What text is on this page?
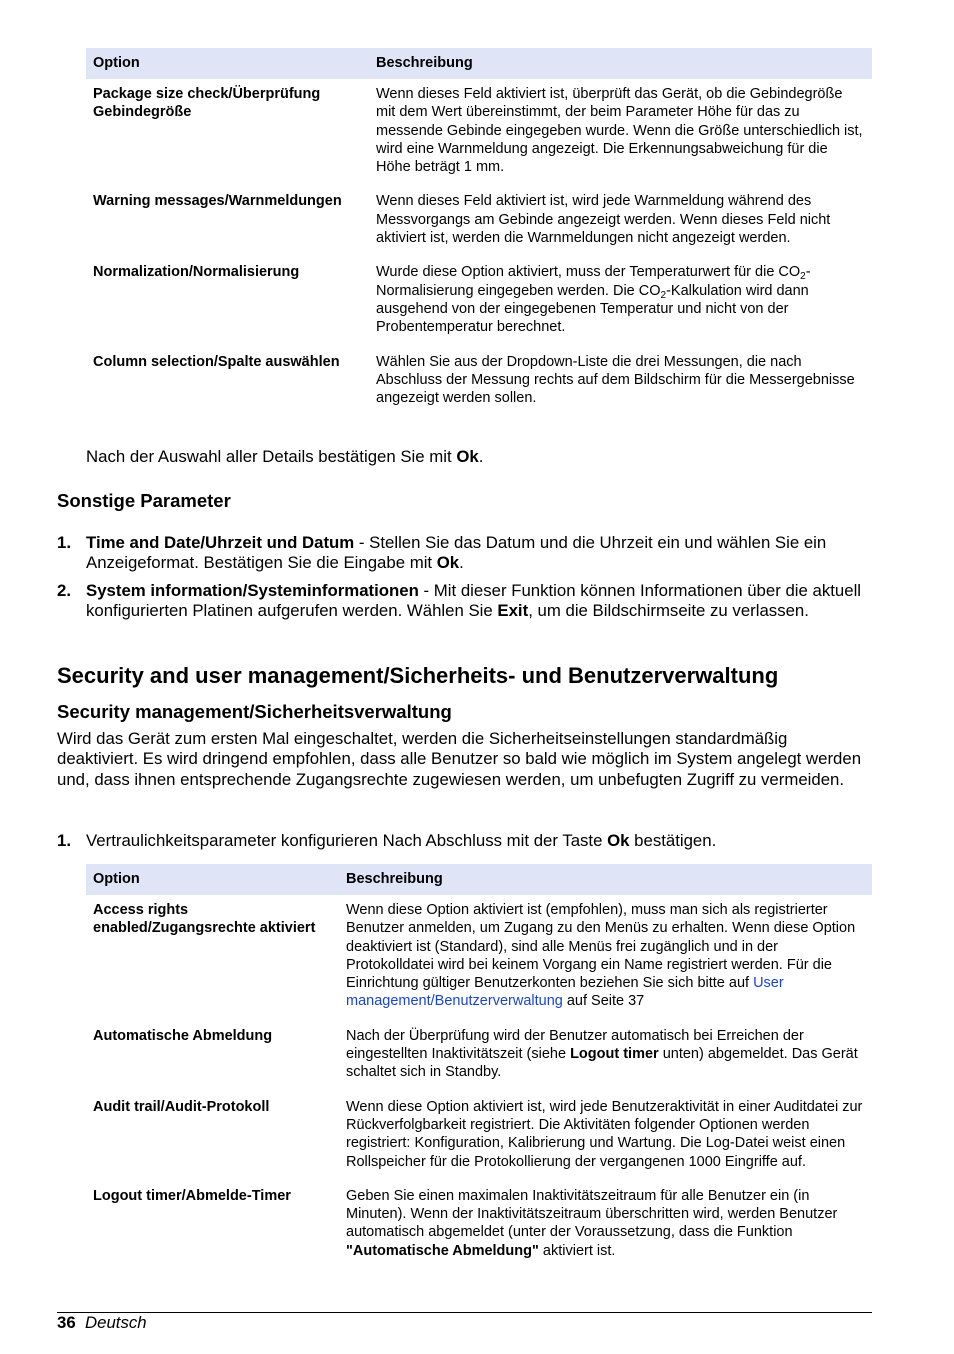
Option	Beschreibung
Package size check/Überprüfung Gebindegröße	Wenn dieses Feld aktiviert ist, überprüft das Gerät, ob die Gebindegröße mit dem Wert übereinstimmt, der beim Parameter Höhe für das zu messende Gebinde eingegeben wurde. Wenn die Größe unterschiedlich ist, wird eine Warnmeldung angezeigt. Die Erkennungsabweichung für die Höhe beträgt 1 mm.
Warning messages/Warnmeldungen	Wenn dieses Feld aktiviert ist, wird jede Warnmeldung während des Messvorgangs am Gebinde angezeigt werden. Wenn dieses Feld nicht aktiviert ist, werden die Warnmeldungen nicht angezeigt werden.
Normalization/Normalisierung	Wurde diese Option aktiviert, muss der Temperaturwert für die $CO_2$-Normalisierung eingegeben werden. Die $CO_2$-Kalkulation wird dann ausgehend von der eingegebenen Temperatur und nicht von der Probentemperatur berechnet.
Column selection/Spalte auswählen	Wählen Sie aus der Dropdown-Liste die drei Messungen, die nach Abschluss der Messung rechts auf dem Bildschirm für die Messergebnisse angezeigt werden sollen.
Nach der Auswahl aller Details bestätigen Sie mit Ok.
Sonstige Parameter
1. Time and Date/Uhrzeit und Datum - Stellen Sie das Datum und die Uhrzeit ein und wählen Sie ein Anzeigeformat. Bestätigen Sie die Eingabe mit Ok.
2. System information/Systeminformationen - Mit dieser Funktion können Informationen über die aktuell konfigurierten Platinen aufgerufen werden. Wählen Sie Exit, um die Bildschirmseite zu verlassen.
Security and user management/Sicherheits- und Benutzerverwaltung
Security management/Sicherheitsverwaltung
Wird das Gerät zum ersten Mal eingeschaltet, werden die Sicherheitseinstellungen standardmäßig deaktiviert. Es wird dringend empfohlen, dass alle Benutzer so bald wie möglich im System angelegt werden und, dass ihnen entsprechende Zugangsrechte zugewiesen werden, um unbefugten Zugriff zu vermeiden.
1. Vertraulichkeitsparameter konfigurieren Nach Abschluss mit der Taste Ok bestätigen.
Option	Beschreibung
Access rights enabled/Zugangsrechte aktiviert	Wenn diese Option aktiviert ist (empfohlen), muss man sich als registrierter Benutzer anmelden, um Zugang zu den Menüs zu erhalten. Wenn diese Option deaktiviert ist (Standard), sind alle Menüs frei zugänglich und in der Protokolldatei wird bei keinem Vorgang ein Name registriert werden. Für die Einrichtung gültiger Benutzerkonten beziehen Sie sich bitte auf User management/Benutzerverwaltung auf Seite 37
Automatische Abmeldung	Nach der Überprüfung wird der Benutzer automatisch bei Erreichen der eingestellten Inaktivitätszeit (siehe Logout timer unten) abgemeldet. Das Gerät schaltet sich in Standby.
Audit trail/Audit-Protokoll	Wenn diese Option aktiviert ist, wird jede Benutzeraktivität in einer Auditdatei zur Rückverfolgbarkeit registriert. Die Aktivitäten folgender Optionen werden registriert: Konfiguration, Kalibrierung und Wartung. Die Log-Datei weist einen Rollspeicher für die Protokollierung der vergangenen 1000 Eingriffe auf.
Logout timer/Abmelde-Timer	Geben Sie einen maximalen Inaktivitätszeitraum für alle Benutzer ein (in Minuten). Wenn der Inaktivitätszeitraum überschritten wird, werden Benutzer automatisch abgemeldet (unter der Voraussetzung, dass die Funktion "Automatische Abmeldung" aktiviert ist.
36 Deutsch
